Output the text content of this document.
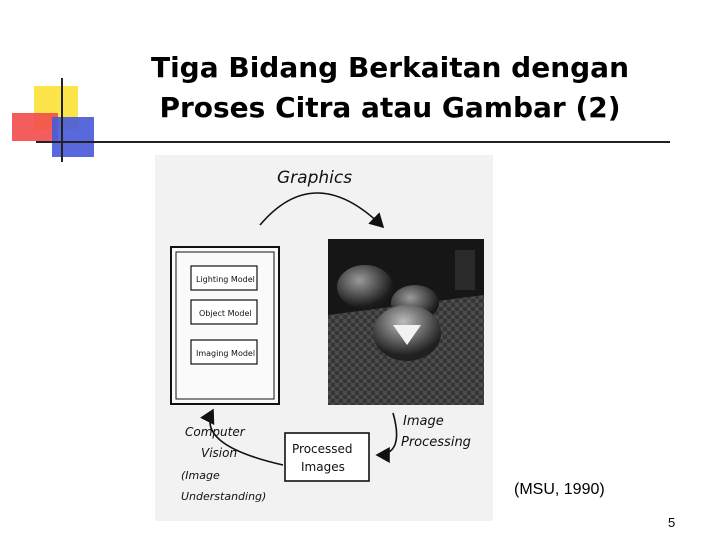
Tiga Bidang Berkaitan dengan
Proses Citra atau Gambar (2)
Graphics
Lighting Model
Object Model
Imaging Model
Image
Processing
Processed
Images
Computer
Vision
(Image
Understanding)	(MSU, 1990)
5
